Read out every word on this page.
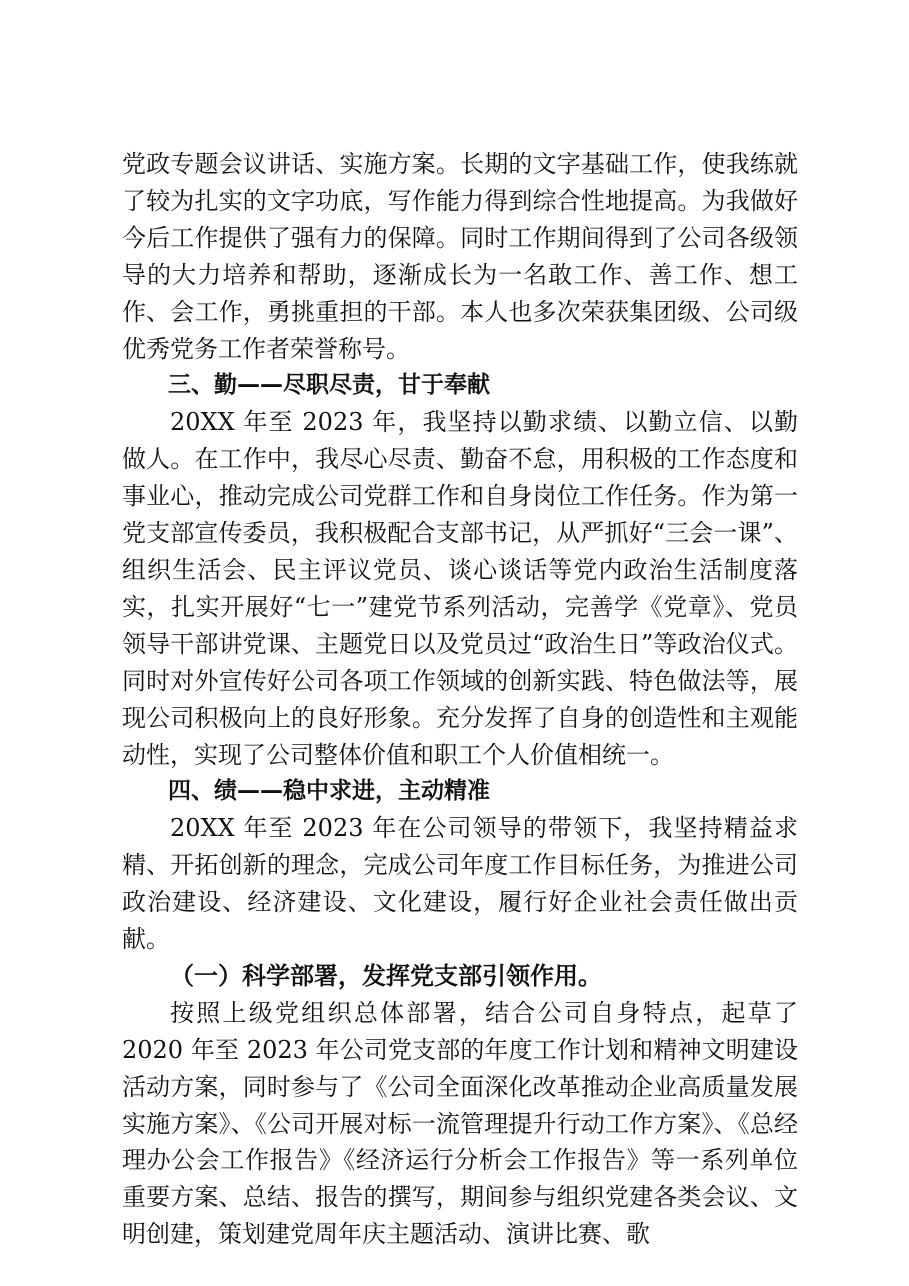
党政专题会议讲话、实施方案。长期的文字基础工作，使我练就了较为扎实的文字功底，写作能力得到综合性地提高。为我做好今后工作提供了强有力的保障。同时工作期间得到了公司各级领导的大力培养和帮助，逐渐成长为一名敢工作、善工作、想工作、会工作，勇挑重担的干部。本人也多次荣获集团级、公司级优秀党务工作者荣誉称号。

三、勤——尽职尽责，甘于奉献

20XX 年至 2023 年，我坚持以勤求绩、以勤立信、以勤做人。在工作中，我尽心尽责、勤奋不怠，用积极的工作态度和事业心，推动完成公司党群工作和自身岗位工作任务。作为第一党支部宣传委员，我积极配合支部书记，从严抓好“三会一课”、组织生活会、民主评议党员、谈心谈话等党内政治生活制度落实，扎实开展好“七一”建党节系列活动，完善学《党章》、党员领导干部讲党课、主题党日以及党员过“政治生日”等政治仪式。同时对外宣传好公司各项工作领域的创新实践、特色做法等，展现公司积极向上的良好形象。充分发挥了自身的创造性和主观能动性，实现了公司整体价值和职工个人价值相统一。

四、绩——稳中求进，主动精准

20XX 年至 2023 年在公司领导的带领下，我坚持精益求精、开拓创新的理念，完成公司年度工作目标任务，为推进公司政治建设、经济建设、文化建设，履行好企业社会责任做出贡献。

（一）科学部署，发挥党支部引领作用。

按照上级党组织总体部署，结合公司自身特点，起草了 2020 年至 2023 年公司党支部的年度工作计划和精神文明建设活动方案，同时参与了《公司全面深化改革推动企业高质量发展实施方案》、《公司开展对标一流管理提升行动工作方案》、《总经理办公会工作报告》《经济运行分析会工作报告》等一系列单位重要方案、总结、报告的撰写，期间参与组织党建各类会议、文明创建，策划建党周年庆主题活动、演讲比赛、歌
